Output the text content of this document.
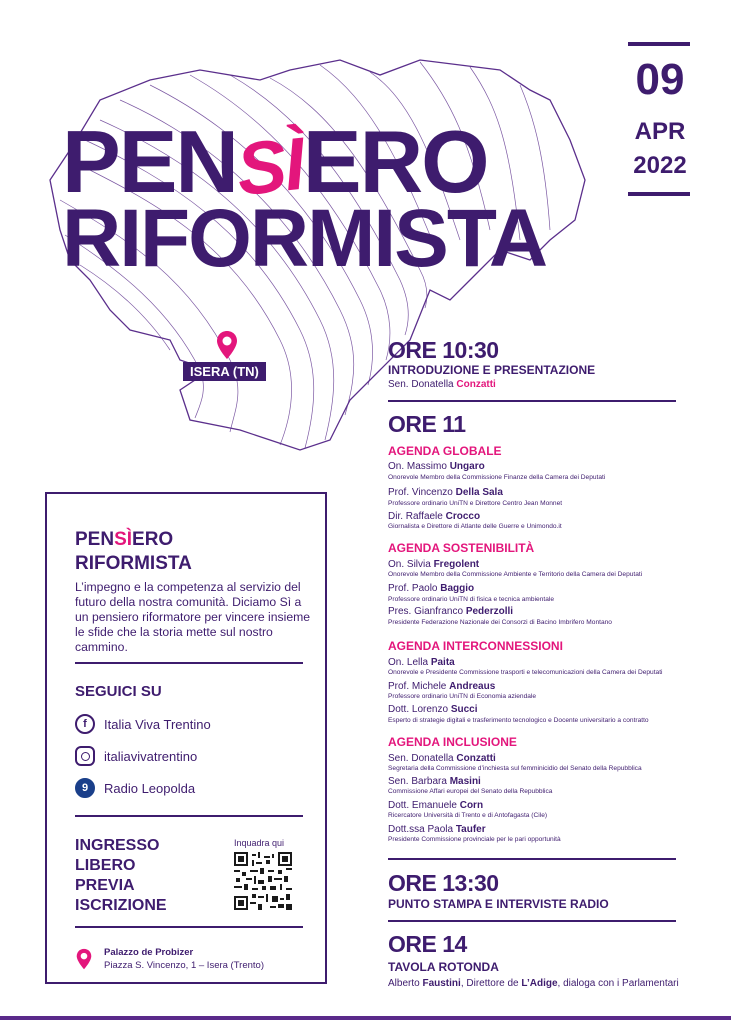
PENSÌERO
RIFORMISTA
09
APR
2022
ISERA (TN)
PENSÌERO
RIFORMISTA
L’impegno e la competenza al servizio del futuro della nostra comunità. Diciamo Sì a un pensiero riformatore per vincere insieme le sfide che la storia mette sul nostro cammino.
SEGUICI SU
f	Italia Viva Trentino
italiavivatrentino
9	Radio Leopolda
INGRESSO
LIBERO
PREVIA
ISCRIZIONE
Inquadra qui
Palazzo de Probizer
Piazza S. Vincenzo, 1 – Isera (Trento)
ORE 10:30
INTRODUZIONE E PRESENTAZIONE
Sen. Donatella Conzatti
ORE 11
AGENDA GLOBALE
On. Massimo Ungaro
Onorevole Membro della Commissione Finanze della Camera dei Deputati
Prof. Vincenzo Della Sala
Professore ordinario UniTN e Direttore Centro Jean Monnet
Dir. Raffaele Crocco
Giornalista e Direttore di Atlante delle Guerre e Unimondo.it
AGENDA SOSTENIBILITÀ
On. Silvia Fregolent
Onorevole Membro della Commissione Ambiente e Territorio della Camera dei Deputati
Prof. Paolo Baggio
Professore ordinario UniTN di fisica e tecnica ambientale
Pres. Gianfranco Pederzolli
Presidente Federazione Nazionale dei Consorzi di Bacino Imbrifero Montano
AGENDA INTERCONNESSIONI
On. Lella Paita
Onorevole e Presidente Commissione trasporti e telecomunicazioni della Camera dei Deputati
Prof. Michele Andreaus
Professore ordinario UniTN di Economia aziendale
Dott. Lorenzo Succi
Esperto di strategie digitali e trasferimento tecnologico e Docente universitario a contratto
AGENDA INCLUSIONE
Sen. Donatella Conzatti
Segretaria della Commissione d’inchiesta sul femminicidio del Senato della Repubblica
Sen. Barbara Masini
Commissione Affari europei del Senato della Repubblica
Dott. Emanuele Corn
Ricercatore Università di Trento e di Antofagasta (Cile)
Dott.ssa Paola Taufer
Presidente Commissione provinciale per le pari opportunità
ORE 13:30
PUNTO STAMPA E INTERVISTE RADIO
ORE 14
TAVOLA ROTONDA
Alberto Faustini, Direttore de L’Adige, dialoga con i Parlamentari
